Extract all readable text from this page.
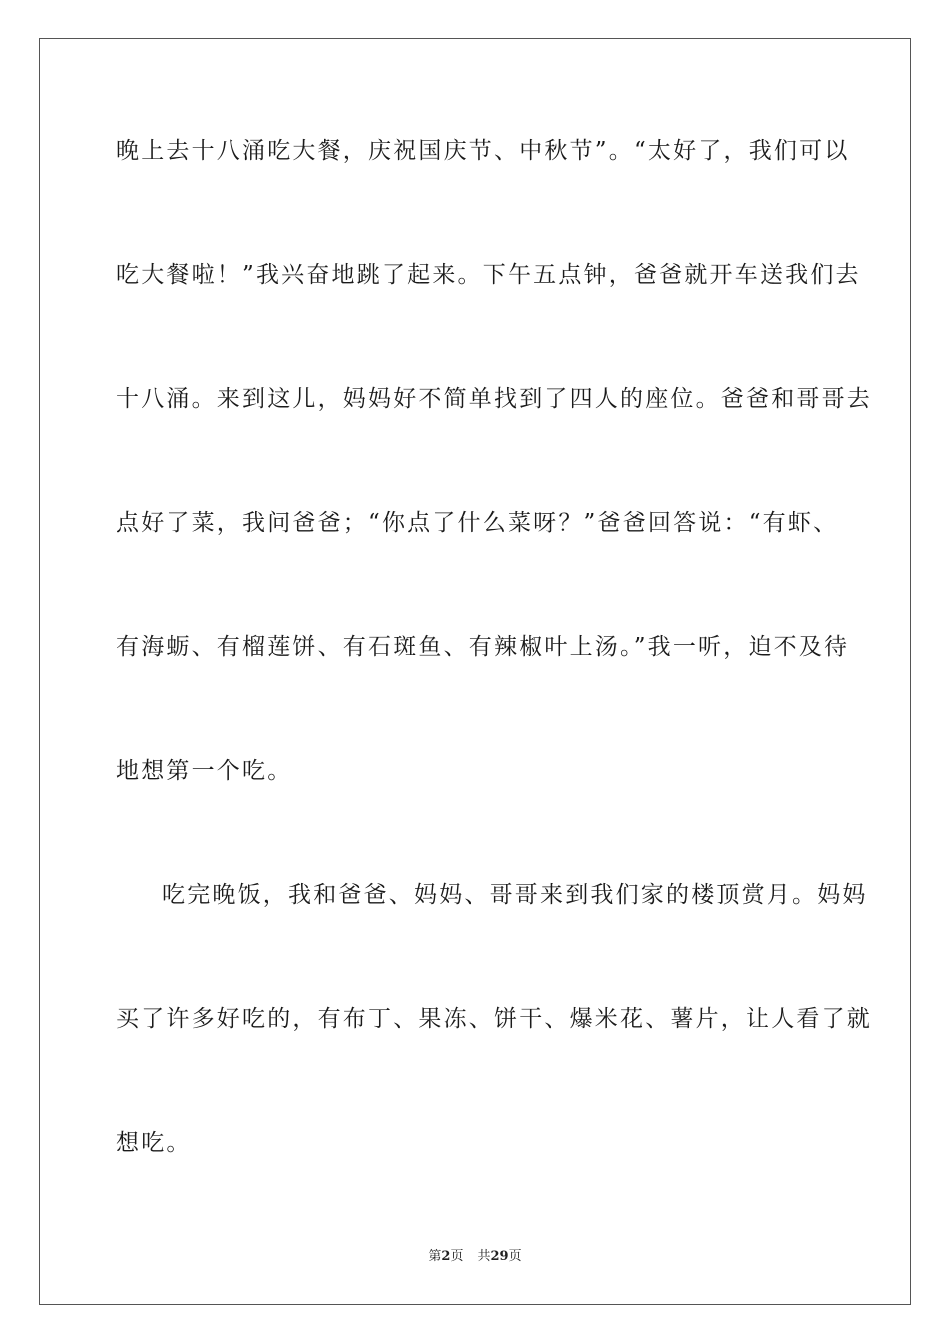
晚上去十八涌吃大餐，庆祝国庆节、中秋节”。“太好了，我们可以
吃大餐啦！”我兴奋地跳了起来。下午五点钟，爸爸就开车送我们去
十八涌。来到这儿，妈妈好不简单找到了四人的座位。爸爸和哥哥去
点好了菜，我问爸爸；“你点了什么菜呀？”爸爸回答说：“有虾、
有海蛎、有榴莲饼、有石斑鱼、有辣椒叶上汤。”我一听，迫不及待
地想第一个吃。
吃完晚饭，我和爸爸、妈妈、哥哥来到我们家的楼顶赏月。妈妈
买了许多好吃的，有布丁、果冻、饼干、爆米花、薯片，让人看了就
想吃。
第2页 共29页
